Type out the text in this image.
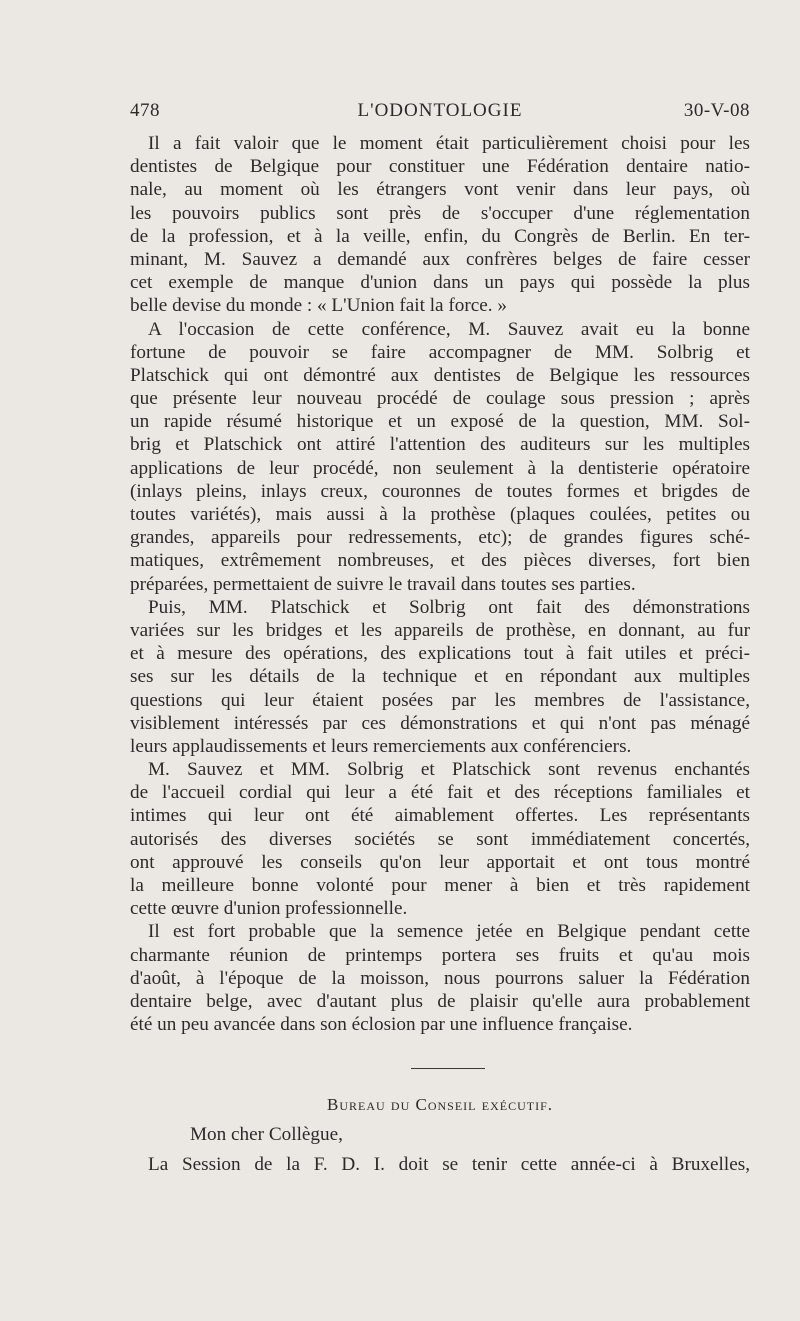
478	L'ODONTOLOGIE	30-V-08
Il a fait valoir que le moment était particulièrement choisi pour les
dentistes de Belgique pour constituer une Fédération dentaire natio-
nale, au moment où les étrangers vont venir dans leur pays, où
les pouvoirs publics sont près de s'occuper d'une réglementation
de la profession, et à la veille, enfin, du Congrès de Berlin. En ter-
minant, M. Sauvez a demandé aux confrères belges de faire cesser
cet exemple de manque d'union dans un pays qui possède la plus
belle devise du monde : « L'Union fait la force. »
A l'occasion de cette conférence, M. Sauvez avait eu la bonne
fortune de pouvoir se faire accompagner de MM. Solbrig et
Platschick qui ont démontré aux dentistes de Belgique les ressources
que présente leur nouveau procédé de coulage sous pression ; après
un rapide résumé historique et un exposé de la question, MM. Sol-
brig et Platschick ont attiré l'attention des auditeurs sur les multiples
applications de leur procédé, non seulement à la dentisterie opératoire
(inlays pleins, inlays creux, couronnes de toutes formes et brigdes de
toutes variétés), mais aussi à la prothèse (plaques coulées, petites ou
grandes, appareils pour redressements, etc); de grandes figures sché-
matiques, extrêmement nombreuses, et des pièces diverses, fort bien
préparées, permettaient de suivre le travail dans toutes ses parties.
Puis, MM. Platschick et Solbrig ont fait des démonstrations
variées sur les bridges et les appareils de prothèse, en donnant, au fur
et à mesure des opérations, des explications tout à fait utiles et préci-
ses sur les détails de la technique et en répondant aux multiples
questions qui leur étaient posées par les membres de l'assistance,
visiblement intéressés par ces démonstrations et qui n'ont pas ménagé
leurs applaudissements et leurs remerciements aux conférenciers.
M. Sauvez et MM. Solbrig et Platschick sont revenus enchantés
de l'accueil cordial qui leur a été fait et des réceptions familiales et
intimes qui leur ont été aimablement offertes. Les représentants
autorisés des diverses sociétés se sont immédiatement concertés,
ont approuvé les conseils qu'on leur apportait et ont tous montré
la meilleure bonne volonté pour mener à bien et très rapidement
cette œuvre d'union professionnelle.
Il est fort probable que la semence jetée en Belgique pendant cette
charmante réunion de printemps portera ses fruits et qu'au mois
d'août, à l'époque de la moisson, nous pourrons saluer la Fédération
dentaire belge, avec d'autant plus de plaisir qu'elle aura probablement
été un peu avancée dans son éclosion par une influence française.
Bureau du Conseil exécutif.
Mon cher Collègue,
La Session de la F. D. I. doit se tenir cette année-ci à Bruxelles,
